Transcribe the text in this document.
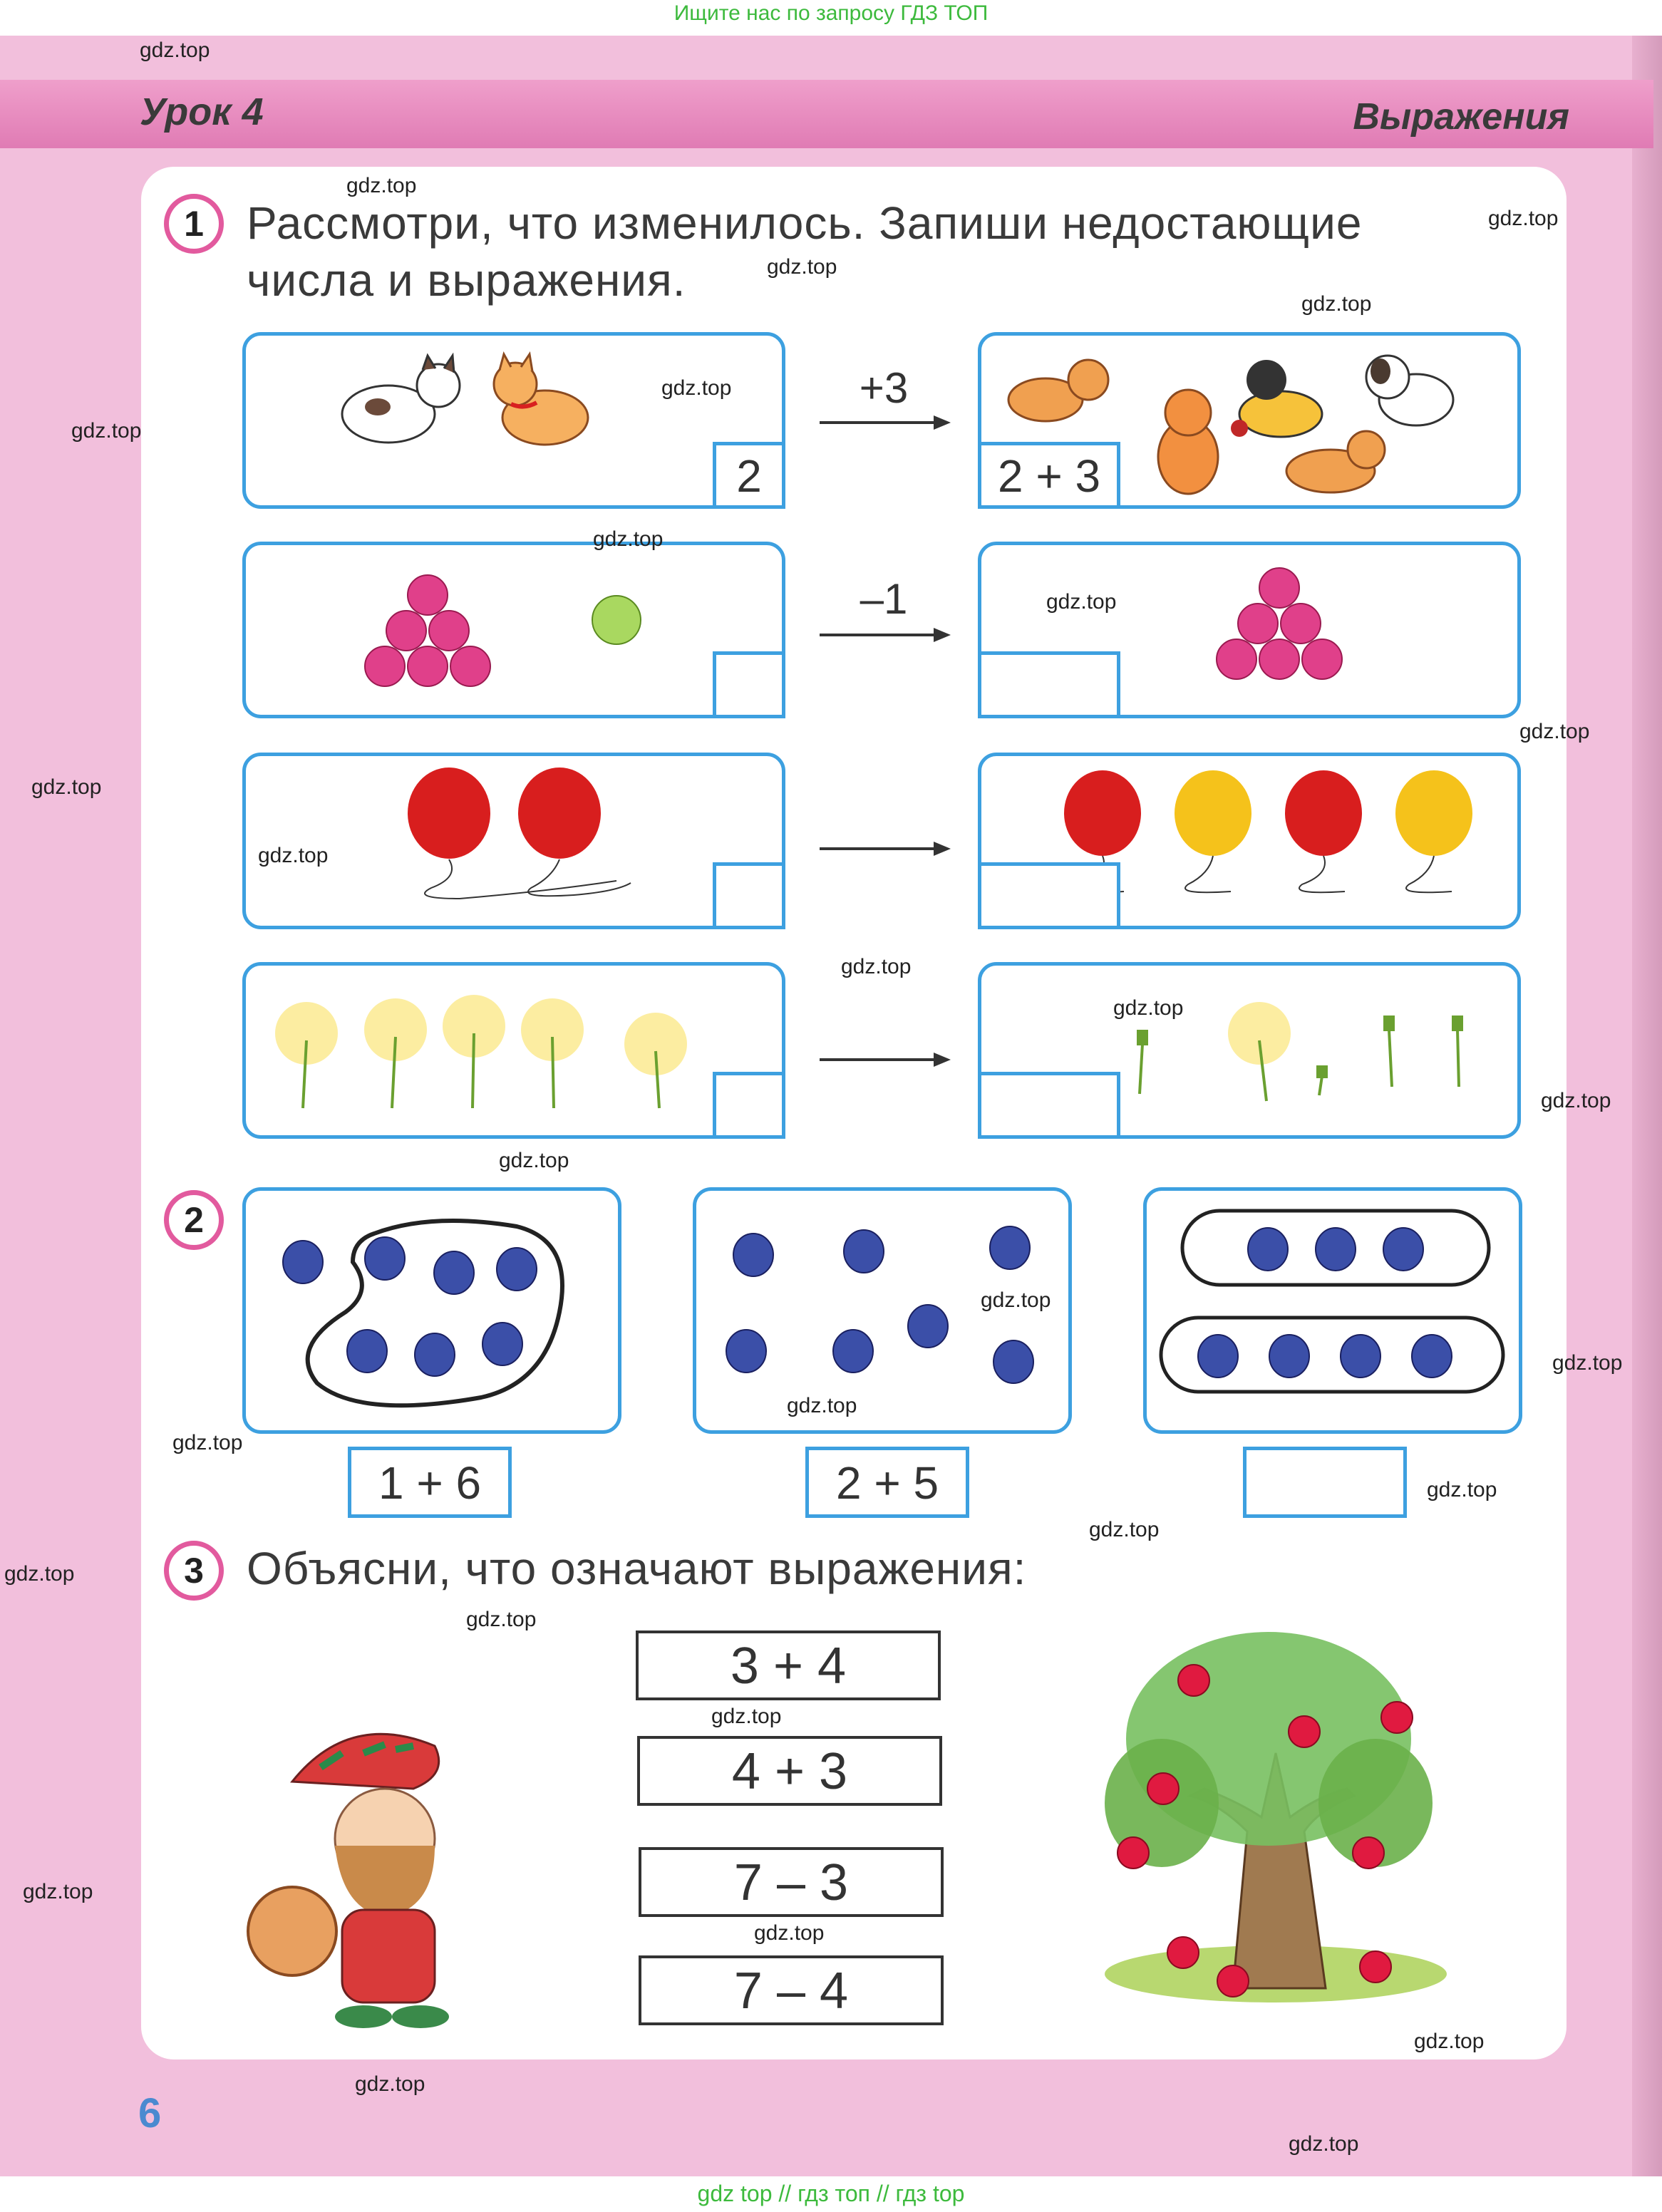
Ищите нас по запросу ГДЗ ТОП
Урок 4	Выражения
1 Рассмотри, что изменилось. Запиши недостающие
числа и выражения.
2
+3
2 + 3
–1
2
1 + 6	2 + 5
3 Объясни, что означают выражения:
3 + 4
4 + 3
7 – 3
7 – 4
6
gdz.top
gdz.top
gdz.top
gdz.top
gdz.top
gdz.top
gdz.top
gdz.top
gdz.top
gdz.top
gdz.top
gdz.top
gdz.top
gdz.top
gdz.top
gdz.top
gdz.top
gdz.top
gdz.top
gdz.top
gdz.top
gdz.top
gdz.top
gdz.top
gdz.top
gdz.top
gdz.top
gdz.top
gdz.top
gdz.top
gdz top // гдз топ // гдз top
